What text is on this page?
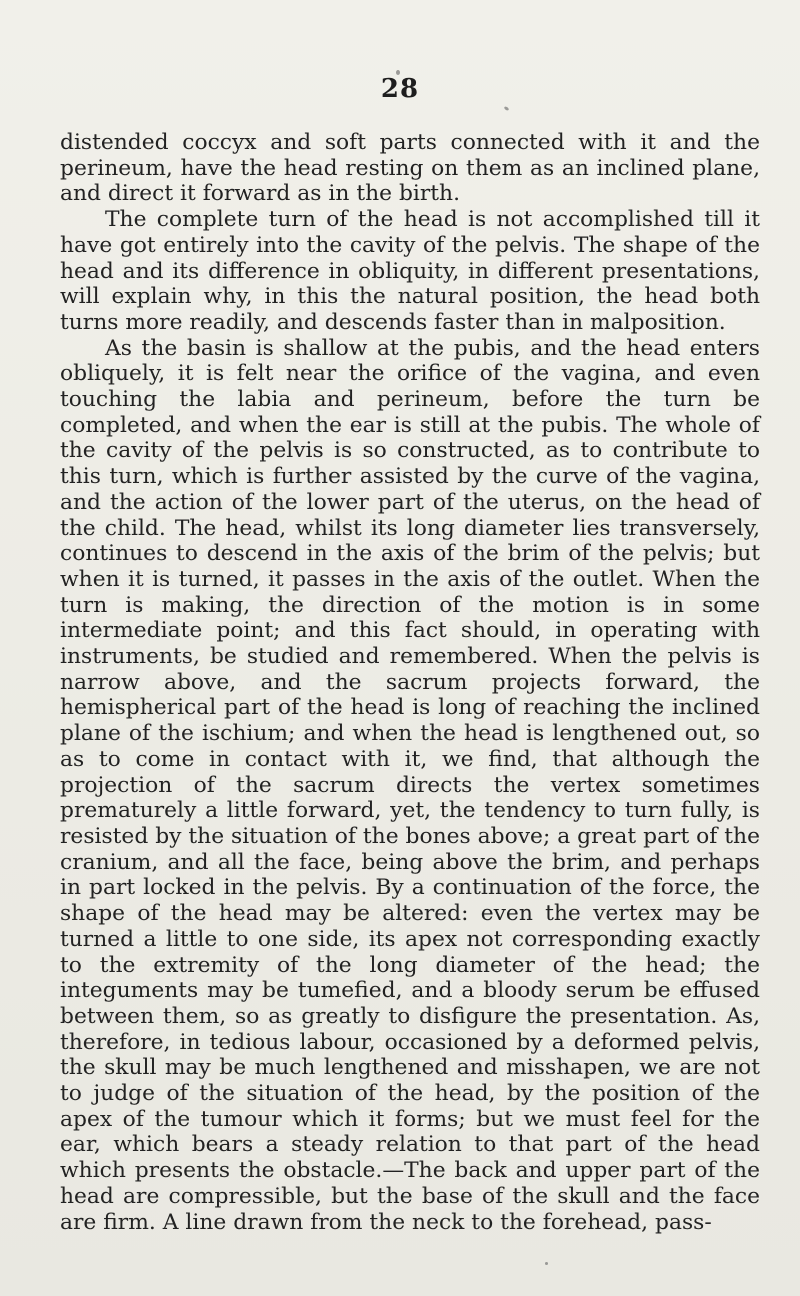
28

distended coccyx and soft parts connected with it and the perineum, have the head resting on them as an inclined plane, and direct it forward as in the birth.

The complete turn of the head is not accomplished till it have got entirely into the cavity of the pelvis. The shape of the head and its difference in obliquity, in different presentations, will explain why, in this the natural position, the head both turns more readily, and descends faster than in malposition.

As the basin is shallow at the pubis, and the head enters obliquely, it is felt near the orifice of the vagina, and even touching the labia and perineum, before the turn be completed, and when the ear is still at the pubis. The whole of the cavity of the pelvis is so constructed, as to contribute to this turn, which is further assisted by the curve of the vagina, and the action of the lower part of the uterus, on the head of the child. The head, whilst its long diameter lies transversely, continues to descend in the axis of the brim of the pelvis; but when it is turned, it passes in the axis of the outlet. When the turn is making, the direction of the motion is in some intermediate point; and this fact should, in operating with instruments, be studied and remembered. When the pelvis is narrow above, and the sacrum projects forward, the hemispherical part of the head is long of reaching the inclined plane of the ischium; and when the head is lengthened out, so as to come in contact with it, we find, that although the projection of the sacrum directs the vertex sometimes prematurely a little forward, yet, the tendency to turn fully, is resisted by the situation of the bones above; a great part of the cranium, and all the face, being above the brim, and perhaps in part locked in the pelvis. By a continuation of the force, the shape of the head may be altered: even the vertex may be turned a little to one side, its apex not corresponding exactly to the extremity of the long diameter of the head; the integuments may be tumefied, and a bloody serum be effused between them, so as greatly to disfigure the presentation. As, therefore, in tedious labour, occasioned by a deformed pelvis, the skull may be much lengthened and misshapen, we are not to judge of the situation of the head, by the position of the apex of the tumour which it forms; but we must feel for the ear, which bears a steady relation to that part of the head which presents the obstacle.—The back and upper part of the head are compressible, but the base of the skull and the face are firm. A line drawn from the neck to the forehead, pass-
